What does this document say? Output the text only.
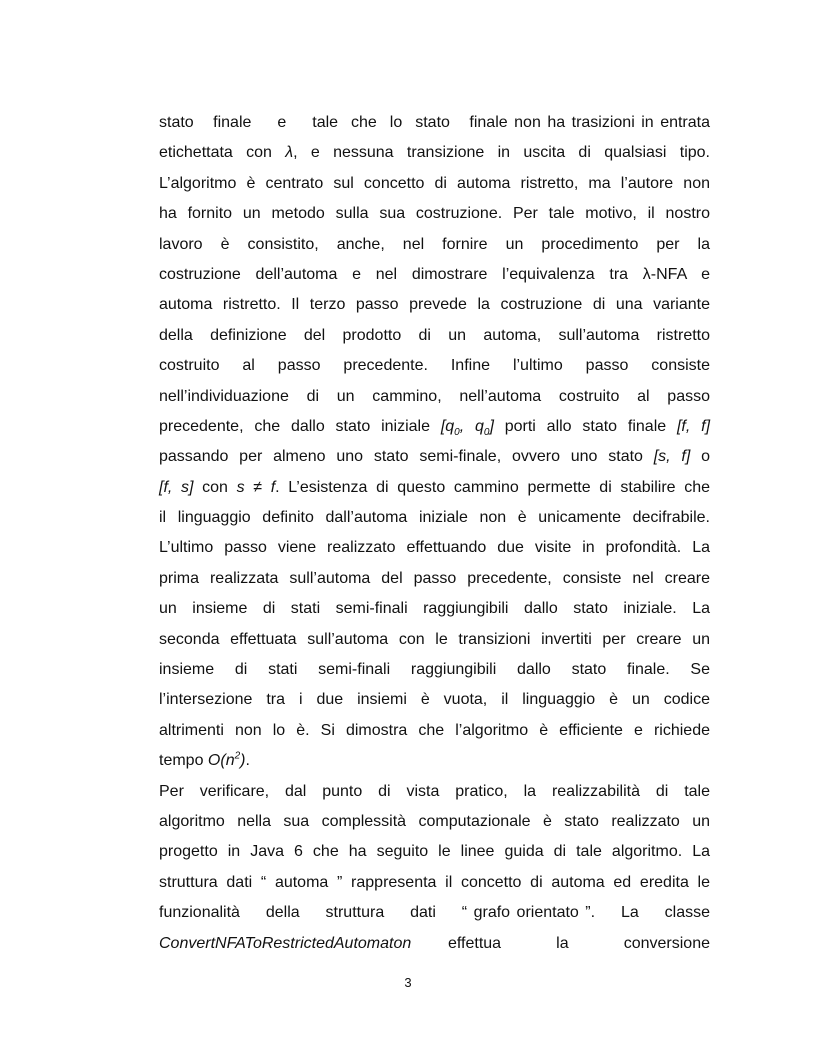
stato   finale    e    tale  che  lo  stato   finale non ha trasizioni in entrata
etichettata  con  λ,  e  nessuna  transizione  in  uscita  di  qualsiasi  tipo.
L’algoritmo è centrato sul concetto di automa ristretto, ma l’autore non
ha fornito un metodo sulla sua costruzione. Per tale motivo, il nostro
lavoro  è  consistito,  anche,  nel  fornire  un  procedimento  per  la
costruzione  dell’automa  e  nel  dimostrare  l’equivalenza  tra  λ-NFA  e
automa ristretto. Il terzo passo prevede la costruzione di una variante
della  definizione  del  prodotto  di  un  automa,  sull’automa  ristretto
costruito    al    passo    precedente.    Infine    l’ultimo    passo    consiste
nell’individuazione  di  un  cammino,  nell’automa  costruito  al  passo
precedente, che dallo stato iniziale [$q_0$, $q_0$] porti allo stato finale [f, f]
passando per almeno uno stato semi-finale, ovvero uno stato [s, f] o
[f, s] con s ≠ f. L’esistenza di questo cammino permette di stabilire che
il linguaggio definito dall’automa iniziale non è unicamente decifrabile.
L’ultimo passo viene realizzato effettuando due visite in profondità. La
prima realizzata sull’automa del passo precedente, consiste nel creare
un  insieme  di  stati  semi-finali  raggiungibili  dallo  stato  iniziale.  La
seconda effettuata sull’automa con le transizioni invertiti per creare un
insieme    di    stati    semi-finali    raggiungibili    dallo    stato    finale.    Se
l’intersezione  tra  i  due  insiemi  è  vuota,  il  linguaggio  è  un  codice
altrimenti non lo è. Si dimostra che l’algoritmo è efficiente e richiede
tempo $O(n^2)$.
Per  verificare,  dal  punto  di  vista  pratico,  la  realizzabilità  di  tale
algoritmo nella sua complessità computazionale è stato realizzato un
progetto in Java 6 che ha seguito le linee guida di tale algoritmo. La
struttura dati “ automa ” rappresenta il concetto di automa ed eredita le
funzionalità    della    struttura    dati    “ grafo orientato ”.    La    classe
ConvertNFAToRestrictedAutomaton      effettua         la         conversione
3
